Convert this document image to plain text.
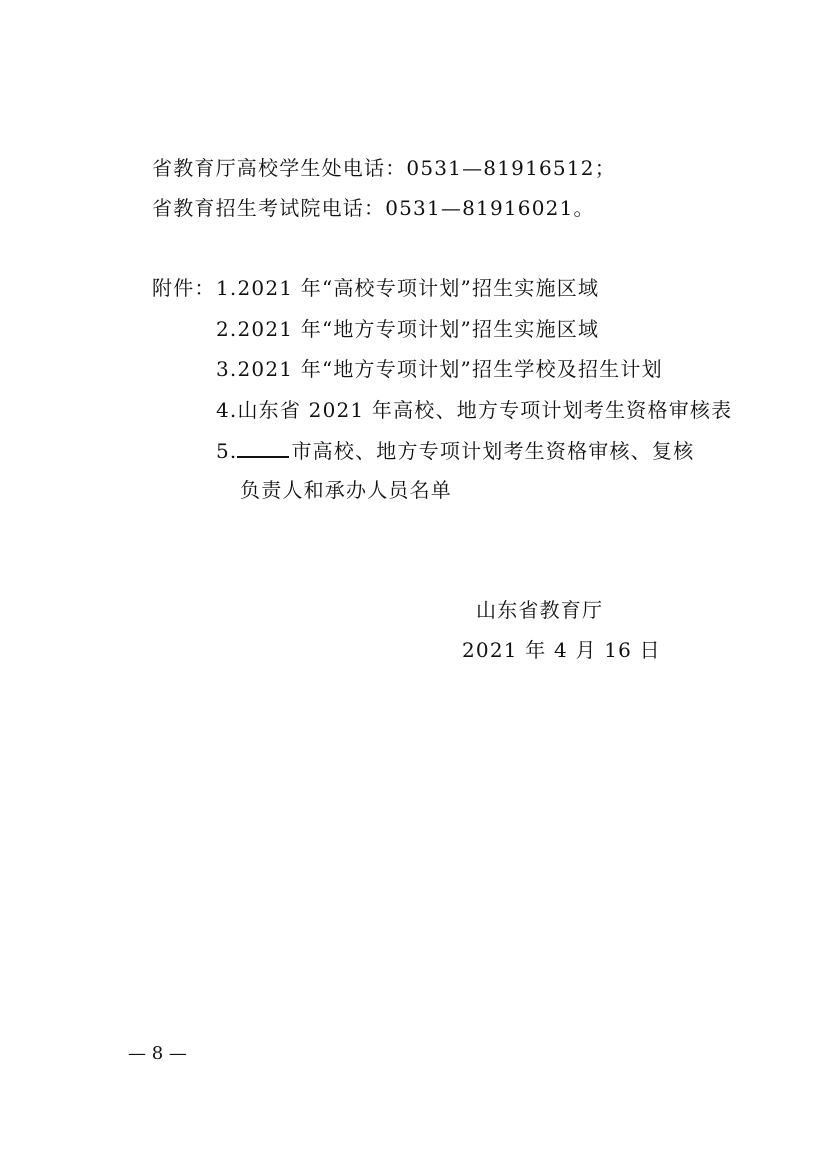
省教育厅高校学生处电话：0531—81916512；
省教育招生考试院电话：0531—81916021。
附件： 1.2021 年“高校专项计划”招生实施区域
2.2021 年“地方专项计划”招生实施区域
3.2021 年“地方专项计划”招生学校及招生计划
4.山东省 2021 年高校、地方专项计划考生资格审核表
5.	市高校、地方专项计划考生资格审核、复核
负责人和承办人员名单
山东省教育厅
2021 年 4 月 16 日
— 8 —
